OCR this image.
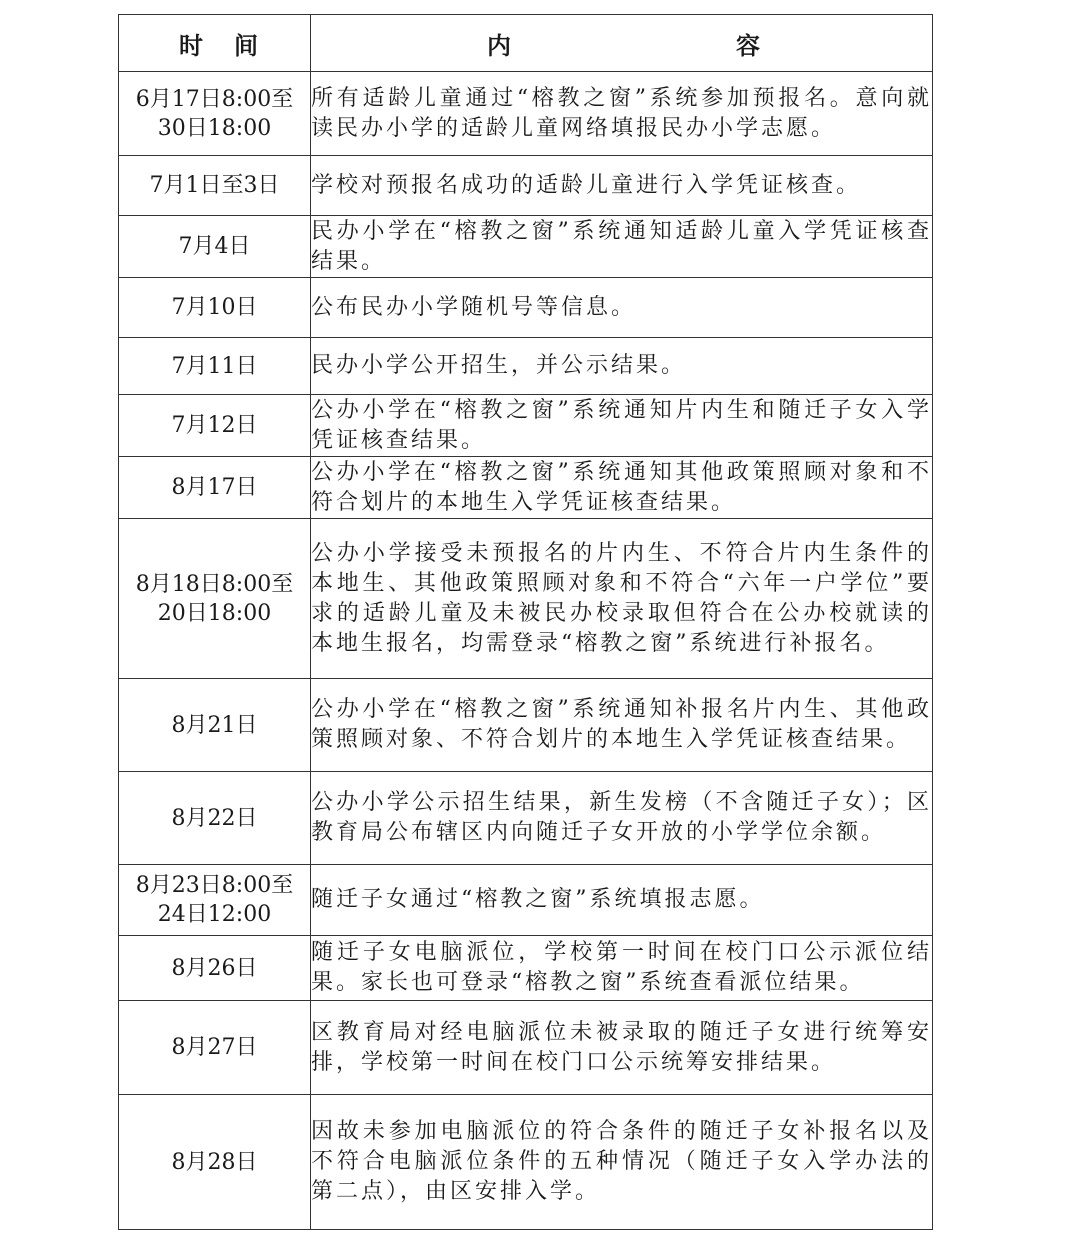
时 间	内 容

6月17日8:00至
30日18:00	所有适龄儿童通过“榕教之窗”系统参加预报名。意向就读民办小学的适龄儿童网络填报民办小学志愿。
7月1日至3日	学校对预报名成功的适龄儿童进行入学凭证核查。
7月4日	民办小学在“榕教之窗”系统通知适龄儿童入学凭证核查结果。
7月10日	公布民办小学随机号等信息。
7月11日	民办小学公开招生，并公示结果。
7月12日	公办小学在“榕教之窗”系统通知片内生和随迁子女入学凭证核查结果。
8月17日	公办小学在“榕教之窗”系统通知其他政策照顾对象和不符合划片的本地生入学凭证核查结果。
8月18日8:00至
20日18:00	公办小学接受未预报名的片内生、不符合片内生条件的本地生、其他政策照顾对象和不符合“六年一户学位”要求的适龄儿童及未被民办校录取但符合在公办校就读的本地生报名，均需登录“榕教之窗”系统进行补报名。
8月21日	公办小学在“榕教之窗”系统通知补报名片内生、其他政策照顾对象、不符合划片的本地生入学凭证核查结果。
8月22日	公办小学公示招生结果，新生发榜（不含随迁子女）；区教育局公布辖区内向随迁子女开放的小学学位余额。
8月23日8:00至
24日12:00	随迁子女通过“榕教之窗”系统填报志愿。
8月26日	随迁子女电脑派位，学校第一时间在校门口公示派位结果。家长也可登录“榕教之窗”系统查看派位结果。
8月27日	区教育局对经电脑派位未被录取的随迁子女进行统筹安排，学校第一时间在校门口公示统筹安排结果。
8月28日	因故未参加电脑派位的符合条件的随迁子女补报名以及不符合电脑派位条件的五种情况（随迁子女入学办法的第二点），由区安排入学。
